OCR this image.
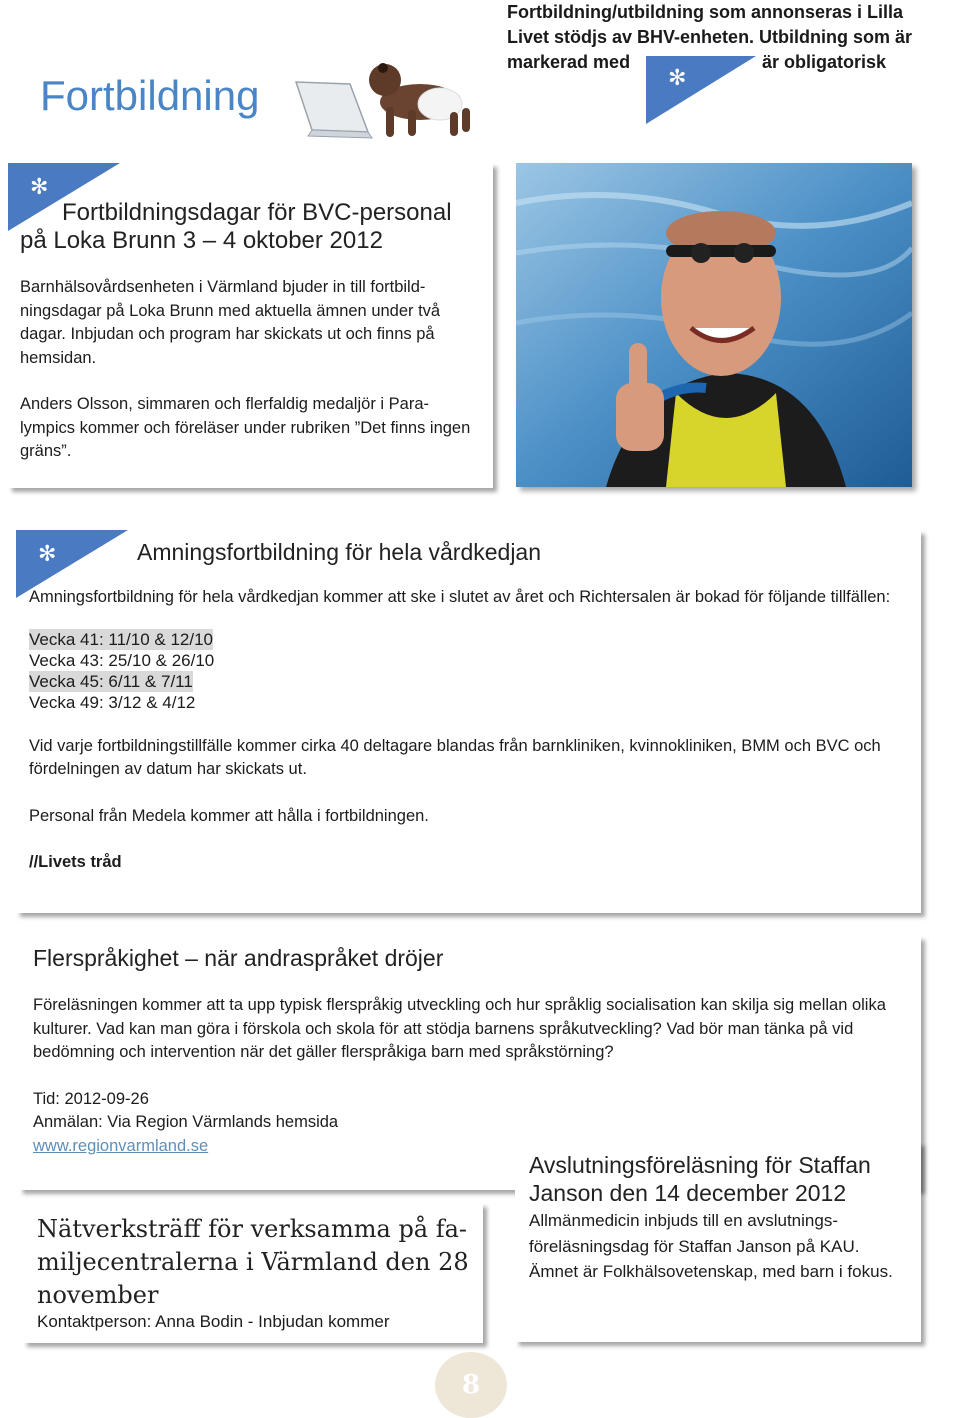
Fortbildning
Fortbildning/utbildning som annonseras i Lilla
Livet stödjs av BHV-enheten. Utbildning som är
markerad med	är obligatorisk
✻
✻
Fortbildningsdagar för BVC-personal
på Loka Brunn 3 – 4 oktober 2012

Barnhälsovårdsenheten i Värmland bjuder in till fortbild-ningsdagar på Loka Brunn med aktuella ämnen under två dagar. Inbjudan och program har skickats ut och finns på hemsidan.

Anders Olsson, simmaren och flerfaldig medaljör i Para-lympics kommer och föreläser under rubriken ”Det finns ingen gräns”.

✻	Amningsfortbildning för hela vårdkedjan

Amningsfortbildning för hela vårdkedjan kommer att ske i slutet av året och Richtersalen är bokad för följande tillfällen:

Vecka 41: 11/10 & 12/10
Vecka 43: 25/10 & 26/10
Vecka 45: 6/11 & 7/11
Vecka 49: 3/12 & 4/12

Vid varje fortbildningstillfälle kommer cirka 40 deltagare blandas från barnkliniken, kvinnokliniken, BMM och BVC och fördelningen av datum har skickats ut.

Personal från Medela kommer att hålla i fortbildningen.

//Livets tråd

Flerspråkighet – när andraspråket dröjer

Föreläsningen kommer att ta upp typisk flerspråkig utveckling och hur språklig socialisation kan skilja sig mellan olika kulturer. Vad kan man göra i förskola och skola för att stödja barnens språkutveckling? Vad bör man tänka på vid bedömning och intervention när det gäller flerspråkiga barn med språkstörning?

Tid: 2012-09-26

Anmälan: Via Region Värmlands hemsida

www.regionvarmland.se
Avslutningsföreläsning för Staffan Janson den 14 december 2012
Allmänmedicin inbjuds till en avslutnings-föreläsningsdag för Staffan Janson på KAU. Ämnet är Folkhälsovetenskap, med barn i fokus.
Nätverksträff för verksamma på fa-miljecentralerna i Värmland den 28 november
Kontaktperson: Anna Bodin - Inbjudan kommer
8
